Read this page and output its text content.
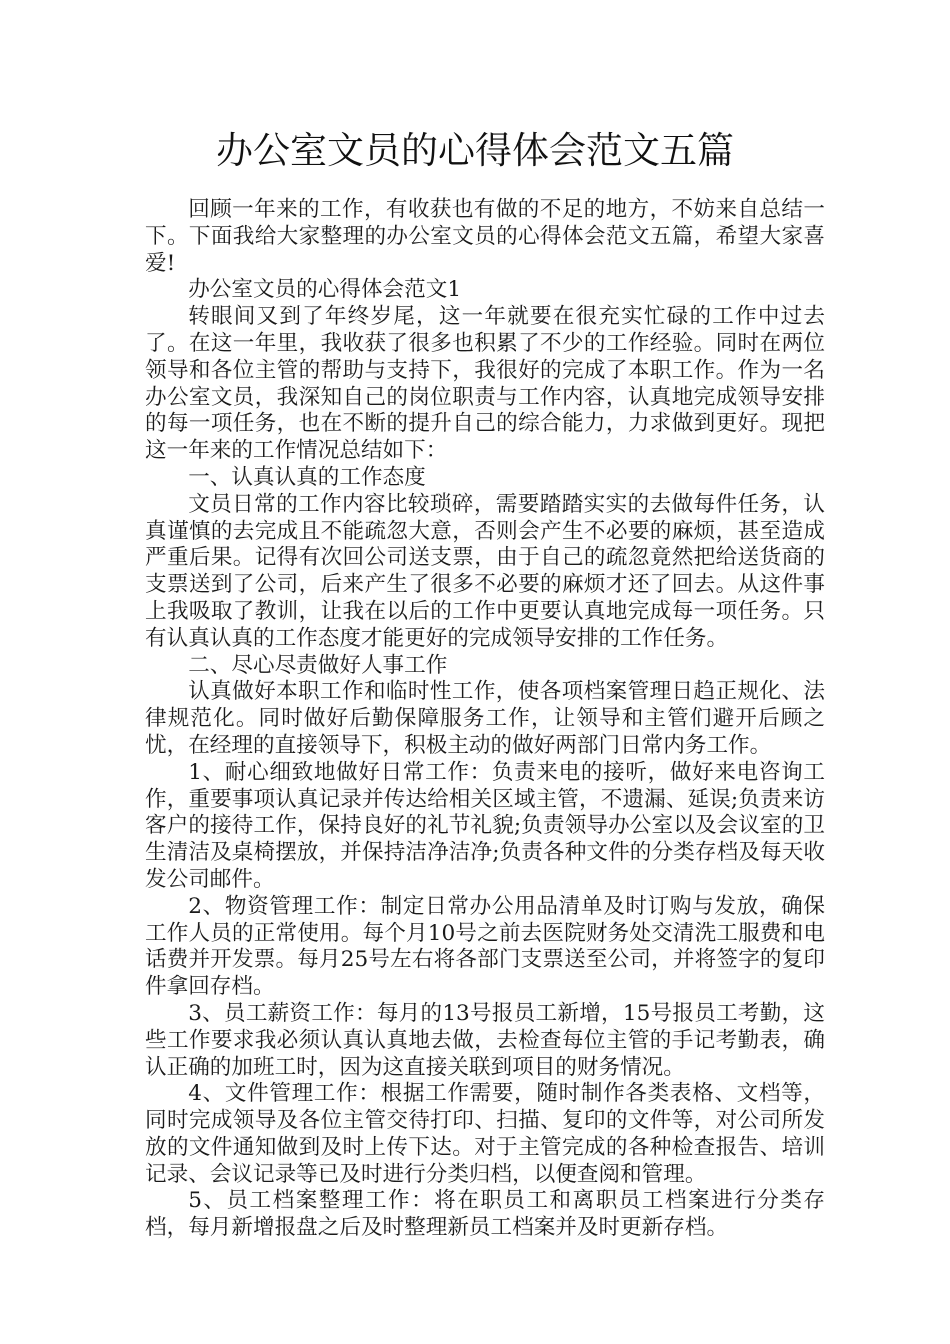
办公室文员的心得体会范文五篇

回顾一年来的工作，有收获也有做的不足的地方，不妨来自总结一下。下面我给大家整理的办公室文员的心得体会范文五篇，希望大家喜爱!

办公室文员的心得体会范文1

转眼间又到了年终岁尾，这一年就要在很充实忙碌的工作中过去了。在这一年里，我收获了很多也积累了不少的工作经验。同时在两位领导和各位主管的帮助与支持下，我很好的完成了本职工作。作为一名办公室文员，我深知自己的岗位职责与工作内容，认真地完成领导安排的每一项任务，也在不断的提升自己的综合能力，力求做到更好。现把这一年来的工作情况总结如下：

一、认真认真的工作态度

文员日常的工作内容比较琐碎，需要踏踏实实的去做每件任务，认真谨慎的去完成且不能疏忽大意，否则会产生不必要的麻烦，甚至造成严重后果。记得有次回公司送支票，由于自己的疏忽竟然把给送货商的支票送到了公司，后来产生了很多不必要的麻烦才还了回去。从这件事上我吸取了教训，让我在以后的工作中更要认真地完成每一项任务。只有认真认真的工作态度才能更好的完成领导安排的工作任务。

二、尽心尽责做好人事工作

认真做好本职工作和临时性工作，使各项档案管理日趋正规化、法律规范化。同时做好后勤保障服务工作，让领导和主管们避开后顾之忧，在经理的直接领导下，积极主动的做好两部门日常内务工作。

1、耐心细致地做好日常工作：负责来电的接听，做好来电咨询工作，重要事项认真记录并传达给相关区域主管，不遗漏、延误;负责来访客户的接待工作，保持良好的礼节礼貌;负责领导办公室以及会议室的卫生清洁及桌椅摆放，并保持洁净洁净;负责各种文件的分类存档及每天收发公司邮件。

2、物资管理工作：制定日常办公用品清单及时订购与发放，确保工作人员的正常使用。每个月10号之前去医院财务处交清洗工服费和电话费并开发票。每月25号左右将各部门支票送至公司，并将签字的复印件拿回存档。

3、员工薪资工作：每月的13号报员工新增，15号报员工考勤，这些工作要求我必须认真认真地去做，去检查每位主管的手记考勤表，确认正确的加班工时，因为这直接关联到项目的财务情况。

4、文件管理工作：根据工作需要，随时制作各类表格、文档等，同时完成领导及各位主管交待打印、扫描、复印的文件等，对公司所发放的文件通知做到及时上传下达。对于主管完成的各种检查报告、培训记录、会议记录等已及时进行分类归档，以便查阅和管理。

5、员工档案整理工作：将在职员工和离职员工档案进行分类存档，每月新增报盘之后及时整理新员工档案并及时更新存档。
